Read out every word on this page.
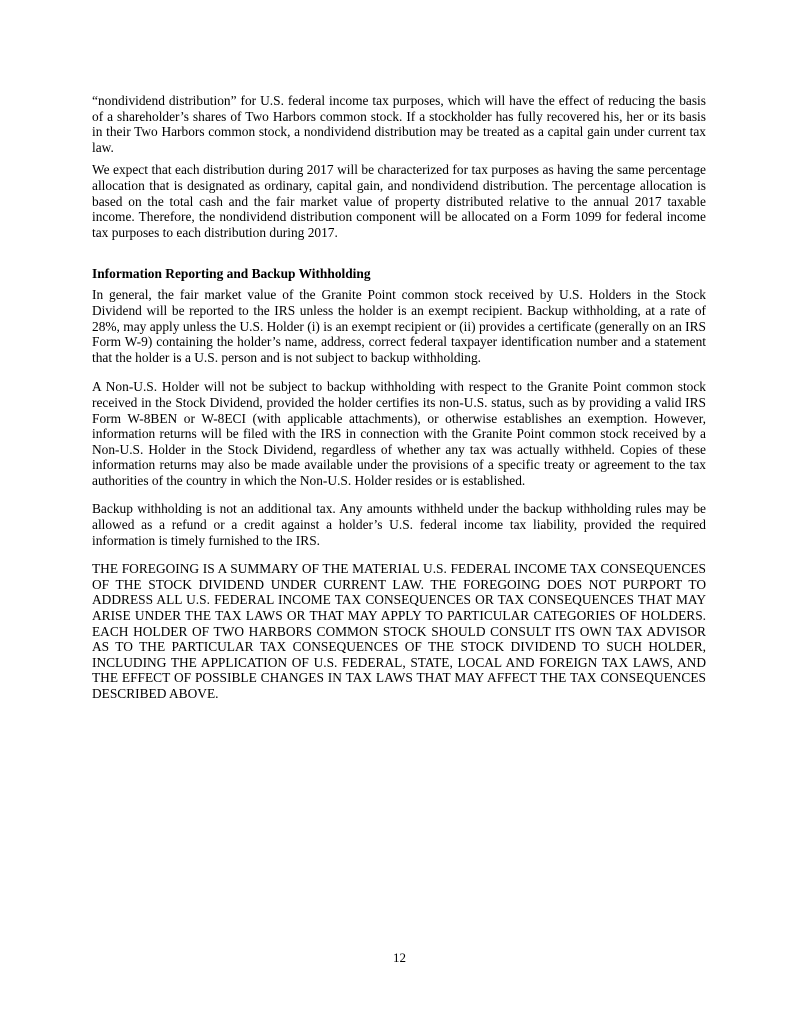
“nondividend distribution” for U.S. federal income tax purposes, which will have the effect of reducing the basis of a shareholder’s shares of Two Harbors common stock. If a stockholder has fully recovered his, her or its basis in their Two Harbors common stock, a nondividend distribution may be treated as a capital gain under current tax law.

We expect that each distribution during 2017 will be characterized for tax purposes as having the same percentage allocation that is designated as ordinary, capital gain, and nondividend distribution. The percentage allocation is based on the total cash and the fair market value of property distributed relative to the annual 2017 taxable income. Therefore, the nondividend distribution component will be allocated on a Form 1099 for federal income tax purposes to each distribution during 2017.

Information Reporting and Backup Withholding

In general, the fair market value of the Granite Point common stock received by U.S. Holders in the Stock Dividend will be reported to the IRS unless the holder is an exempt recipient. Backup withholding, at a rate of 28%, may apply unless the U.S. Holder (i) is an exempt recipient or (ii) provides a certificate (generally on an IRS Form W-9) containing the holder’s name, address, correct federal taxpayer identification number and a statement that the holder is a U.S. person and is not subject to backup withholding.

A Non-U.S. Holder will not be subject to backup withholding with respect to the Granite Point common stock received in the Stock Dividend, provided the holder certifies its non-U.S. status, such as by providing a valid IRS Form W-8BEN or W-8ECI (with applicable attachments), or otherwise establishes an exemption. However, information returns will be filed with the IRS in connection with the Granite Point common stock received by a Non-U.S. Holder in the Stock Dividend, regardless of whether any tax was actually withheld. Copies of these information returns may also be made available under the provisions of a specific treaty or agreement to the tax authorities of the country in which the Non-U.S. Holder resides or is established.

Backup withholding is not an additional tax. Any amounts withheld under the backup withholding rules may be allowed as a refund or a credit against a holder’s U.S. federal income tax liability, provided the required information is timely furnished to the IRS.

THE FOREGOING IS A SUMMARY OF THE MATERIAL U.S. FEDERAL INCOME TAX CONSEQUENCES OF THE STOCK DIVIDEND UNDER CURRENT LAW. THE FOREGOING DOES NOT PURPORT TO ADDRESS ALL U.S. FEDERAL INCOME TAX CONSEQUENCES OR TAX CONSEQUENCES THAT MAY ARISE UNDER THE TAX LAWS OR THAT MAY APPLY TO PARTICULAR CATEGORIES OF HOLDERS. EACH HOLDER OF TWO HARBORS COMMON STOCK SHOULD CONSULT ITS OWN TAX ADVISOR AS TO THE PARTICULAR TAX CONSEQUENCES OF THE STOCK DIVIDEND TO SUCH HOLDER, INCLUDING THE APPLICATION OF U.S. FEDERAL, STATE, LOCAL AND FOREIGN TAX LAWS, AND THE EFFECT OF POSSIBLE CHANGES IN TAX LAWS THAT MAY AFFECT THE TAX CONSEQUENCES DESCRIBED ABOVE.

12
